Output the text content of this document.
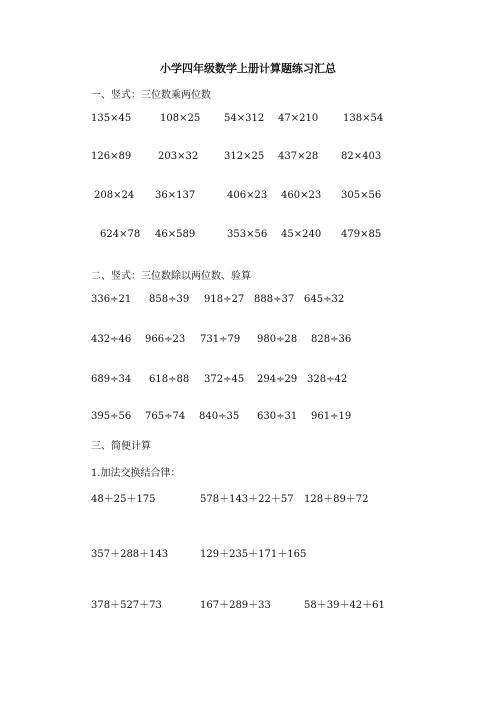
小学四年级数学上册计算题练习汇总
一、竖式：三位数乘两位数
135×45	108×25 54×312 47×210 138×54
126×89	203×32	312×25 437×28 82×403
208×24 36×137	406×23 460×23 305×56
624×78 46×589	353×56 45×240 479×85
二、竖式：三位数除以两位数、验算
336÷21 858÷39 918÷27 888÷37 645÷32
432÷46 966÷23 731÷79 980÷28 828÷36
689÷34 618÷88 372÷45 294÷29 328÷42
395÷56 765÷74 840÷35 630÷31 961÷19
三、简便计算
1.加法交换结合律：
48＋25＋175	578＋143＋22＋57 128＋89＋72
357＋288＋143	129＋235＋171＋165
378＋527＋73	167＋289＋33	58＋39＋42＋61
